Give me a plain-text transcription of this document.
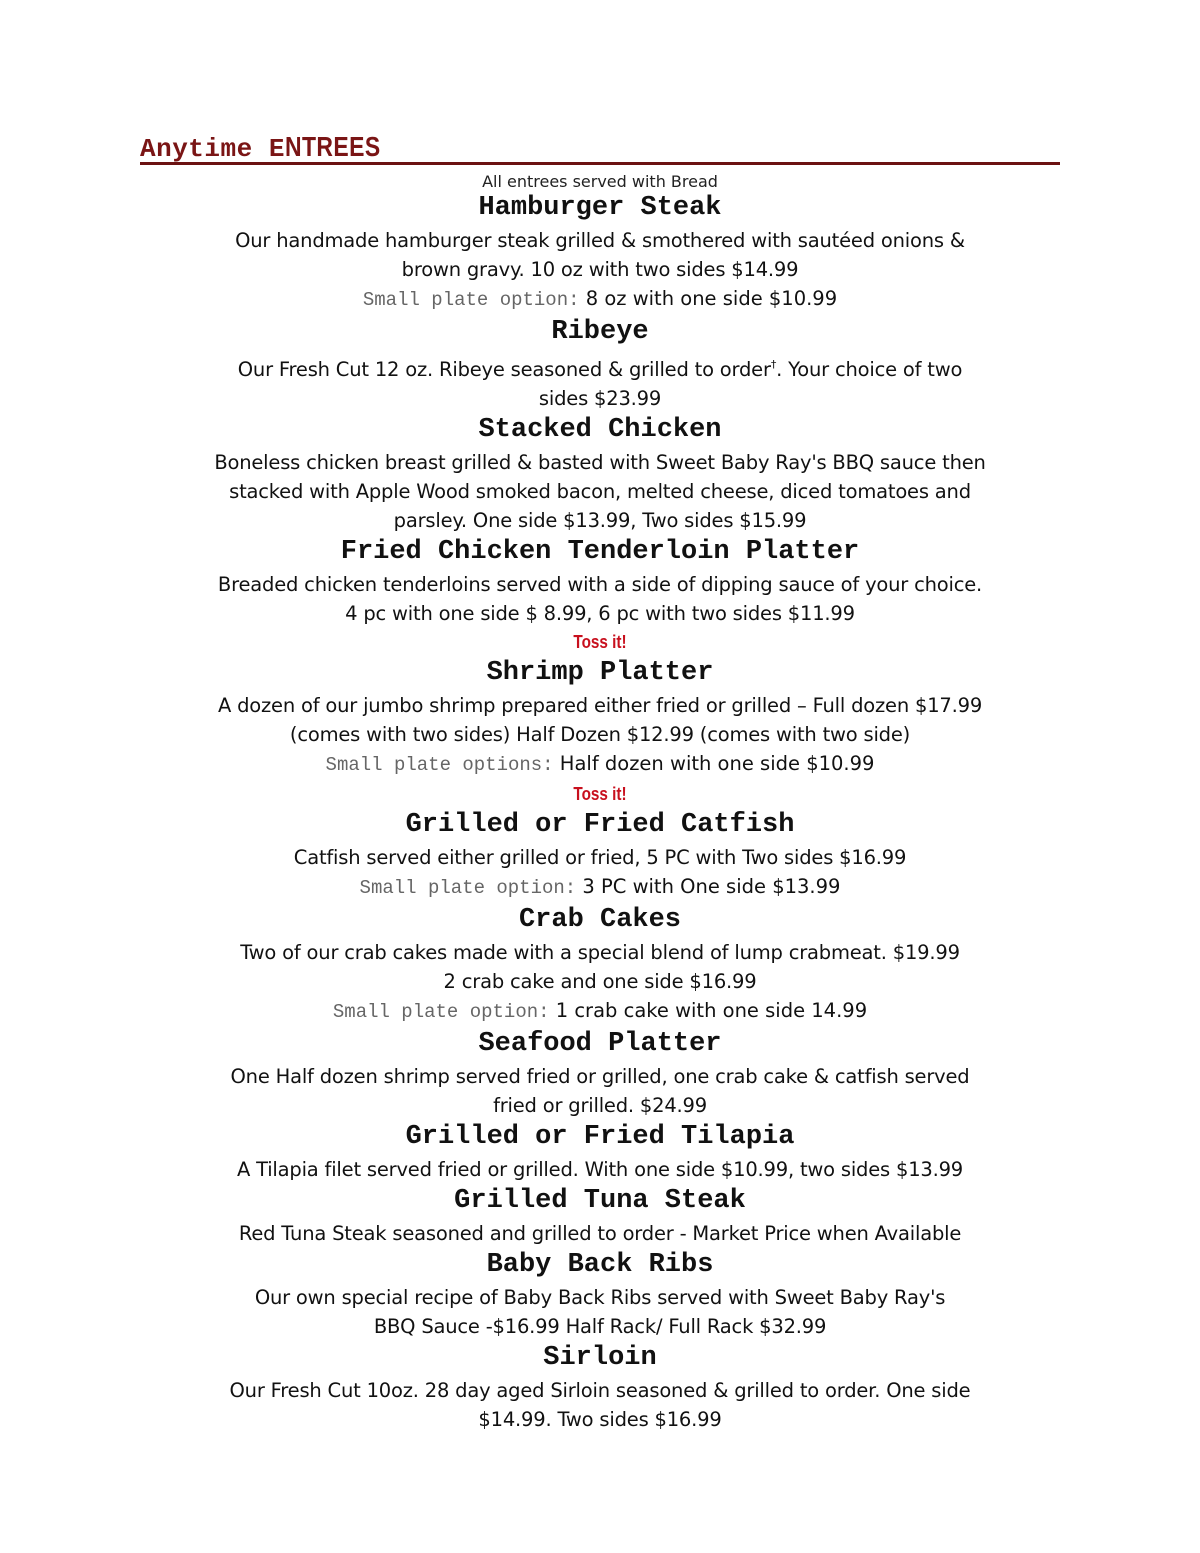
Anytime ENTREES
All entrees served with Bread
Hamburger Steak
Our handmade hamburger steak grilled & smothered with sautéed onions &
brown gravy. 10 oz with two sides $14.99
Small plate option: 8 oz with one side $10.99
Ribeye
Our Fresh Cut 12 oz. Ribeye seasoned & grilled to order†. Your choice of two
sides $23.99
Stacked Chicken
Boneless chicken breast grilled & basted with Sweet Baby Ray's BBQ sauce then
stacked with Apple Wood smoked bacon, melted cheese, diced tomatoes and
parsley. One side $13.99, Two sides $15.99
Fried Chicken Tenderloin Platter
Breaded chicken tenderloins served with a side of dipping sauce of your choice.
4 pc with one side $ 8.99, 6 pc with two sides $11.99
Toss it!
Shrimp Platter
A dozen of our jumbo shrimp prepared either fried or grilled – Full dozen $17.99
(comes with two sides) Half Dozen $12.99 (comes with two side)
Small plate options: Half dozen with one side $10.99
Toss it!
Grilled or Fried Catfish
Catfish served either grilled or fried, 5 PC with Two sides $16.99
Small plate option: 3 PC with One side $13.99
Crab Cakes
Two of our crab cakes made with a special blend of lump crabmeat. $19.99
2 crab cake and one side $16.99
Small plate option: 1 crab cake with one side 14.99
Seafood Platter
One Half dozen shrimp served fried or grilled, one crab cake & catfish served
fried or grilled. $24.99
Grilled or Fried Tilapia
A Tilapia filet served fried or grilled. With one side $10.99, two sides $13.99
Grilled Tuna Steak
Red Tuna Steak seasoned and grilled to order - Market Price when Available
Baby Back Ribs
Our own special recipe of Baby Back Ribs served with Sweet Baby Ray's
BBQ Sauce -$16.99 Half Rack/ Full Rack $32.99
Sirloin
Our Fresh Cut 10oz. 28 day aged Sirloin seasoned & grilled to order. One side
$14.99. Two sides $16.99
